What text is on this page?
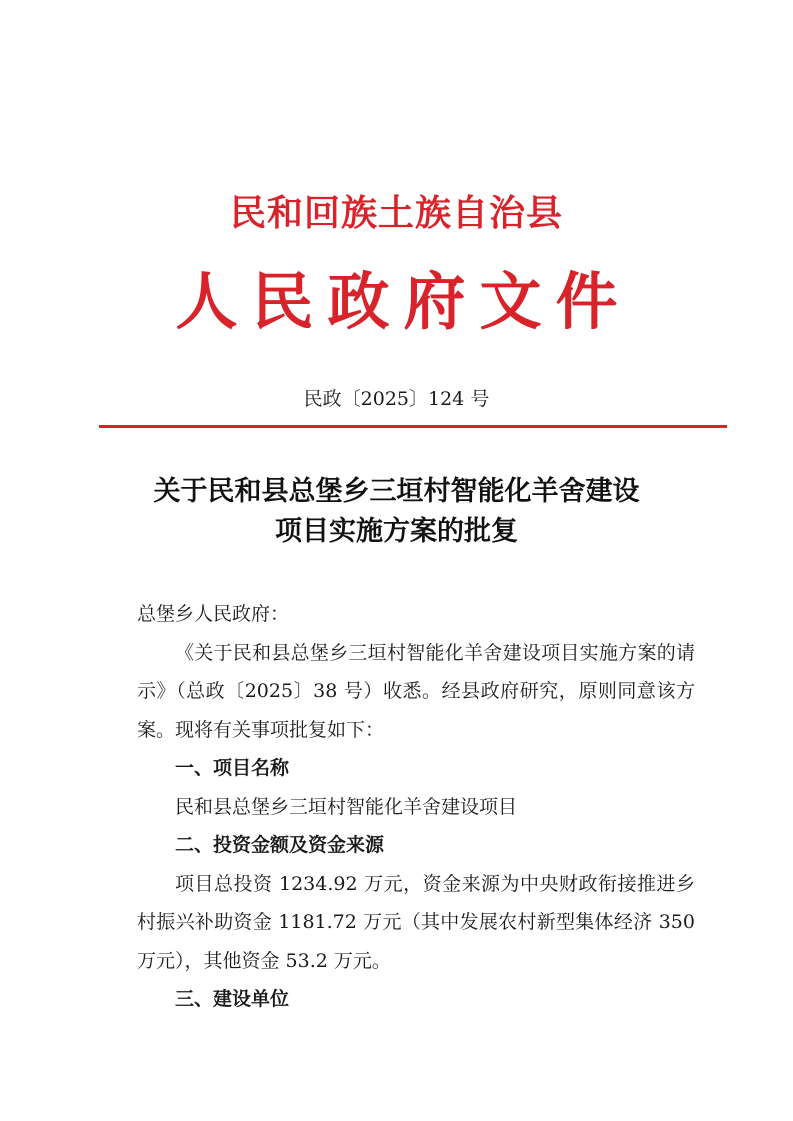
民和回族土族自治县
人民政府文件
民政〔2025〕124 号
关于民和县总堡乡三垣村智能化羊舍建设
项目实施方案的批复

总堡乡人民政府：

《关于民和县总堡乡三垣村智能化羊舍建设项目实施方案的请示》（总政〔2025〕38 号）收悉。经县政府研究，原则同意该方案。现将有关事项批复如下：

一、项目名称

民和县总堡乡三垣村智能化羊舍建设项目

二、投资金额及资金来源

项目总投资 1234.92 万元，资金来源为中央财政衔接推进乡村振兴补助资金 1181.72 万元（其中发展农村新型集体经济 350 万元），其他资金 53.2 万元。

三、建设单位
